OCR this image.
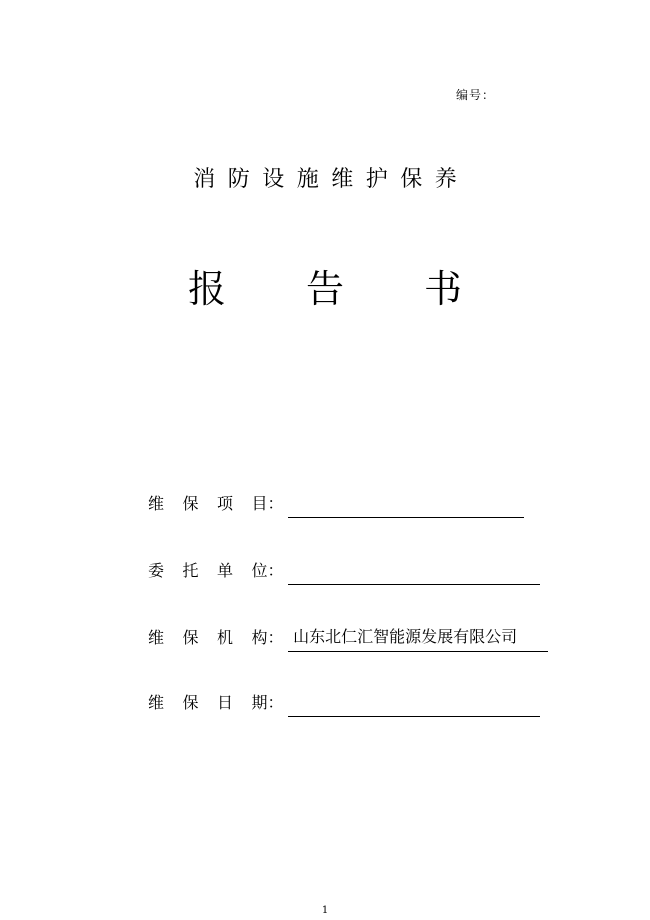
编号：
消 防 设 施 维 护 保 养
报 告 书
维 保 项 目：
委 托 单 位：
维 保 机 构： 山东北仁汇智能源发展有限公司
维 保 日 期：
1
